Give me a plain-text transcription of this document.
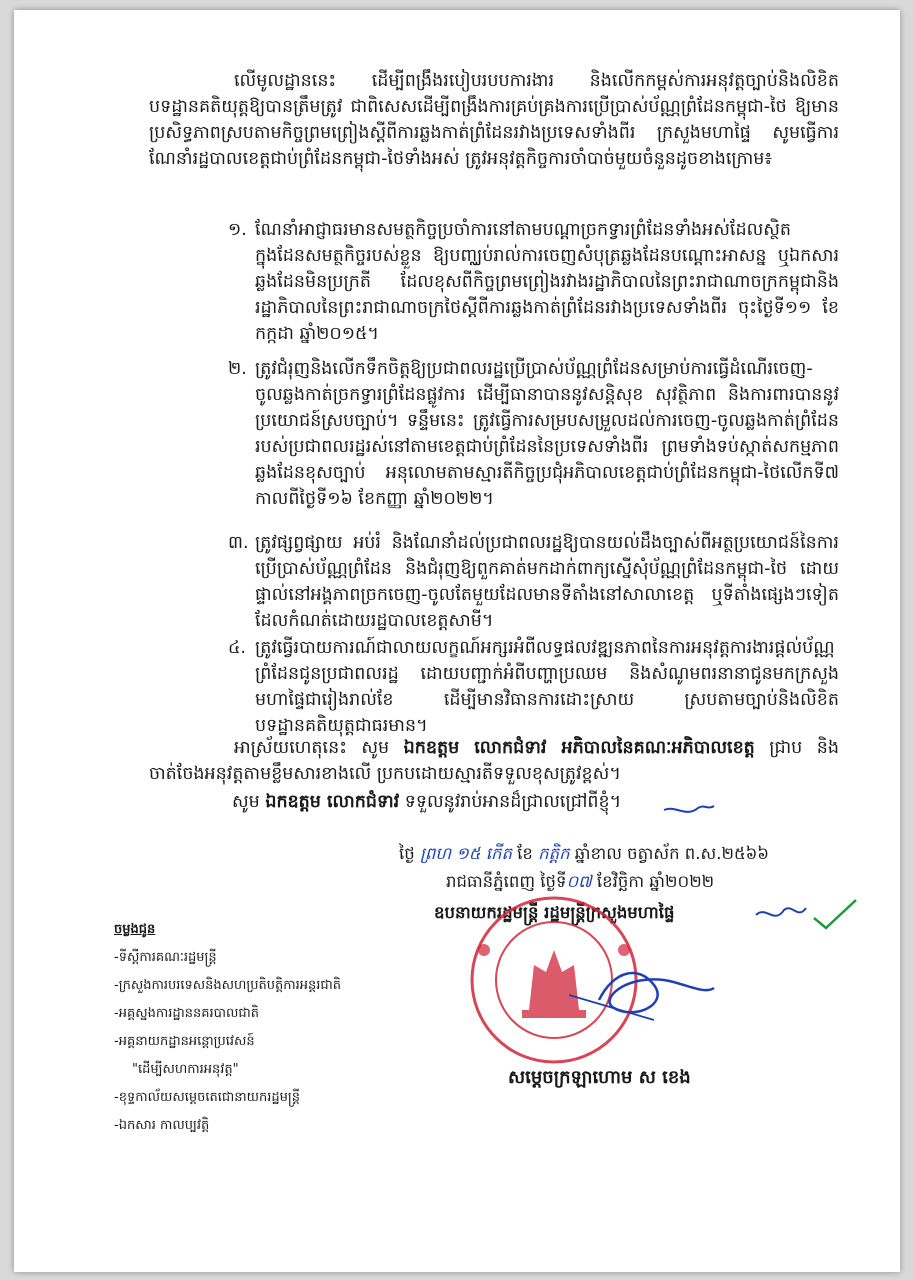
លើមូលដ្ឋាននេះ ដើម្បីពង្រឹងរបៀបរបបការងារ និងលើកកម្ពស់ការអនុវត្តច្បាប់និងលិខិតបទដ្ឋានគតិយុត្តឱ្យបានត្រឹមត្រូវ ជាពិសេសដើម្បីពង្រឹងការគ្រប់គ្រងការប្រើប្រាស់ប័ណ្ណព្រំដែនកម្ពុជា-ថៃ ឱ្យមានប្រសិទ្ធភាពស្របតាមកិច្ចព្រមព្រៀងស្ដីពីការឆ្លងកាត់ព្រំដែនរវាងប្រទេសទាំងពីរ ក្រសួងមហាផ្ទៃ សូមធ្វើការណែនាំរដ្ឋបាលខេត្តជាប់ព្រំដែនកម្ពុជា-ថៃទាំងអស់ ត្រូវអនុវត្តកិច្ចការចាំបាច់មួយចំនួនដូចខាងក្រោម៖
១. ណែនាំអាជ្ញាធរមានសមត្ថកិច្ចប្រចាំការនៅតាមបណ្ដាច្រកទ្វារព្រំដែនទាំងអស់ដែលស្ថិតក្នុងដែនសមត្ថកិច្ចរបស់ខ្លួន ឱ្យបញ្ឈប់រាល់ការចេញសំបុត្រឆ្លងដែនបណ្ដោះអាសន្ន ឬឯកសារឆ្លងដែនមិនប្រក្រតី ដែលខុសពីកិច្ចព្រមព្រៀងរវាងរដ្ឋាភិបាលនៃព្រះរាជាណាចក្រកម្ពុជានិងរដ្ឋាភិបាលនៃព្រះរាជាណាចក្រថៃស្ដីពីការឆ្លងកាត់ព្រំដែនរវាងប្រទេសទាំងពីរ ចុះថ្ងៃទី១១ ខែកក្កដា ឆ្នាំ២០១៥។
២. ត្រូវជំរុញនិងលើកទឹកចិត្តឱ្យប្រជាពលរដ្ឋប្រើប្រាស់ប័ណ្ណព្រំដែនសម្រាប់ការធ្វើដំណើរចេញ-ចូលឆ្លងកាត់ច្រកទ្វារព្រំដែនផ្លូវការ ដើម្បីធានាបាននូវសន្តិសុខ សុវត្ថិភាព និងការពារបាននូវប្រយោជន៍ស្របច្បាប់។ ទន្ទឹមនេះ ត្រូវធ្វើការសម្របសម្រួលដល់ការចេញ-ចូលឆ្លងកាត់ព្រំដែនរបស់ប្រជាពលរដ្ឋរស់នៅតាមខេត្តជាប់ព្រំដែននៃប្រទេសទាំងពីរ ព្រមទាំងទប់ស្កាត់សកម្មភាពឆ្លងដែនខុសច្បាប់ អនុលោមតាមស្មារតីកិច្ចប្រជុំអភិបាលខេត្តជាប់ព្រំដែនកម្ពុជា-ថៃលើកទី៧ កាលពីថ្ងៃទី១៦ ខែកញ្ញា ឆ្នាំ២០២២។
៣. ត្រូវផ្សព្វផ្សាយ អប់រំ និងណែនាំដល់ប្រជាពលរដ្ឋឱ្យបានយល់ដឹងច្បាស់ពីអត្ថប្រយោជន៍នៃការប្រើប្រាស់ប័ណ្ណព្រំដែន និងជំរុញឱ្យពួកគាត់មកដាក់ពាក្យស្នើសុំប័ណ្ណព្រំដែនកម្ពុជា-ថៃ ដោយផ្ទាល់នៅអង្គភាពច្រកចេញ-ចូលតែមួយដែលមានទីតាំងនៅសាលាខេត្ត ឬទីតាំងផ្សេងៗទៀត ដែលកំណត់ដោយរដ្ឋបាលខេត្តសាមី។
៤. ត្រូវធ្វើរបាយការណ៍ជាលាយលក្ខណ៍អក្សរអំពីលទ្ធផលវឌ្ឍនភាពនៃការអនុវត្តការងារផ្ដល់ប័ណ្ណព្រំដែនជូនប្រជាពលរដ្ឋ ដោយបញ្ជាក់អំពីបញ្ហាប្រឈម និងសំណូមពរនានាជូនមកក្រសួងមហាផ្ទៃជារៀងរាល់ខែ ដើម្បីមានវិធានការដោះស្រាយ ស្របតាមច្បាប់និងលិខិតបទដ្ឋានគតិយុត្តជាធរមាន។
អាស្រ័យហេតុនេះ សូម ឯកឧត្តម លោកជំទាវ អភិបាលនៃគណៈអភិបាលខេត្ត ជ្រាប និងចាត់ចែងអនុវត្តតាមខ្លឹមសារខាងលើ ប្រកបដោយស្មារតីទទួលខុសត្រូវខ្ពស់។
សូម ឯកឧត្តម លោកជំទាវ ទទួលនូវរាប់អានដ៏ជ្រាលជ្រៅពីខ្ញុំ។
ថ្ងៃ ព្រហ ១៥ កើត ខែ កត្ដិក ឆ្នាំខាល ចត្វាស័ក ព.ស.២៥៦៦
រាជធានីភ្នំពេញ ថ្ងៃទី០៧ ខែវិច្ឆិកា ឆ្នាំ២០២២
ឧបនាយករដ្ឋមន្ត្រី រដ្ឋមន្ត្រីក្រសួងមហាផ្ទៃ
សម្ដេចក្រឡាហោម ស ខេង
ចម្លងជូន
-ទីស្ដីការគណៈរដ្ឋមន្ត្រី
-ក្រសួងការបរទេសនិងសហប្រតិបត្តិការអន្តរជាតិ
-អគ្គស្នងការដ្ឋាននគរបាលជាតិ
-អគ្គនាយកដ្ឋានអន្តោប្រវេសន៍
"ដើម្បីសហការអនុវត្ត"
-ខុទ្ទកាល័យសម្ដេចតេជោនាយករដ្ឋមន្ត្រី
-ឯកសារ កាលប្បវត្តិ
